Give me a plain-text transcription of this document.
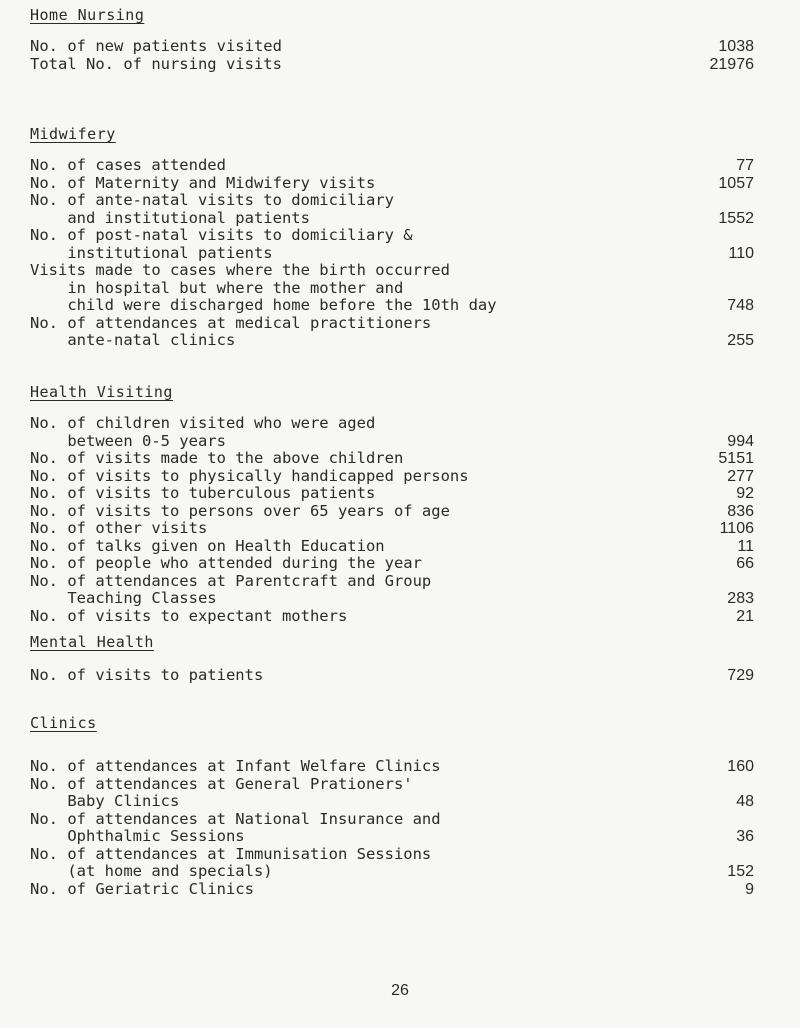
Home Nursing
No. of new patients visited	1038
Total No. of nursing visits	21976
Midwifery
No. of cases attended	77
No. of Maternity and Midwifery visits	1057
No. of ante-natal visits to domiciliary
and institutional patients	1552
No. of post-natal visits to domiciliary &
institutional patients	110
Visits made to cases where the birth occurred
in hospital but where the mother and
child were discharged home before the 10th day	748
No. of attendances at medical practitioners
ante-natal clinics	255
Health Visiting
No. of children visited who were aged
between 0-5 years	994
No. of visits made to the above children	5151
No. of visits to physically handicapped persons	277
No. of visits to tuberculous patients	92
No. of visits to persons over 65 years of age	836
No. of other visits	1106
No. of talks given on Health Education	11
No. of people who attended during the year	66
No. of attendances at Parentcraft and Group
Teaching Classes	283
No. of visits to expectant mothers	21
Mental Health
No. of visits to patients	729
Clinics
No. of attendances at Infant Welfare Clinics	160
No. of attendances at General Prationers'
Baby Clinics	48
No. of attendances at National Insurance and
Ophthalmic Sessions	36
No. of attendances at Immunisation Sessions
(at home and specials)	152
No. of Geriatric Clinics	9
26
